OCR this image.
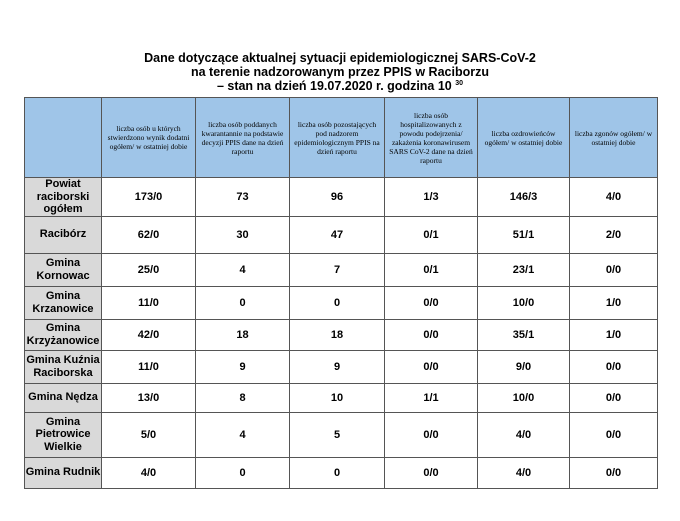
Dane dotyczące aktualnej sytuacji epidemiologicznej SARS-CoV-2
na terenie nadzorowanym przez PPIS w Raciborzu
– stan na dzień 19.07.2020 r. godzina 10 $^{30}$

	liczba osób u których stwierdzono wynik dodatni ogółem/ w ostatniej dobie	liczba osób poddanych kwarantannie na podstawie decyzji PPIS dane na dzień raportu	liczba osób pozostających pod nadzorem epidemiologicznym PPIS na dzień raportu	liczba osób hospitalizowanych z powodu podejrzenia/ zakażenia koronawirusem SARS CoV-2 dane na dzień raportu	liczba ozdrowieńców ogółem/ w ostatniej dobie	liczba zgonów ogółem/ w ostatniej dobie

Powiat raciborski ogółem	173/0	73	96	1/3	146/3	4/0
Racibórz	62/0	30	47	0/1	51/1	2/0
Gmina Kornowac	25/0	4	7	0/1	23/1	0/0
Gmina Krzanowice	11/0	0	0	0/0	10/0	1/0
Gmina Krzyżanowice	42/0	18	18	0/0	35/1	1/0
Gmina Kuźnia Raciborska	11/0	9	9	0/0	9/0	0/0
Gmina Nędza	13/0	8	10	1/1	10/0	0/0
Gmina Pietrowice Wielkie	5/0	4	5	0/0	4/0	0/0
Gmina Rudnik	4/0	0	0	0/0	4/0	0/0
